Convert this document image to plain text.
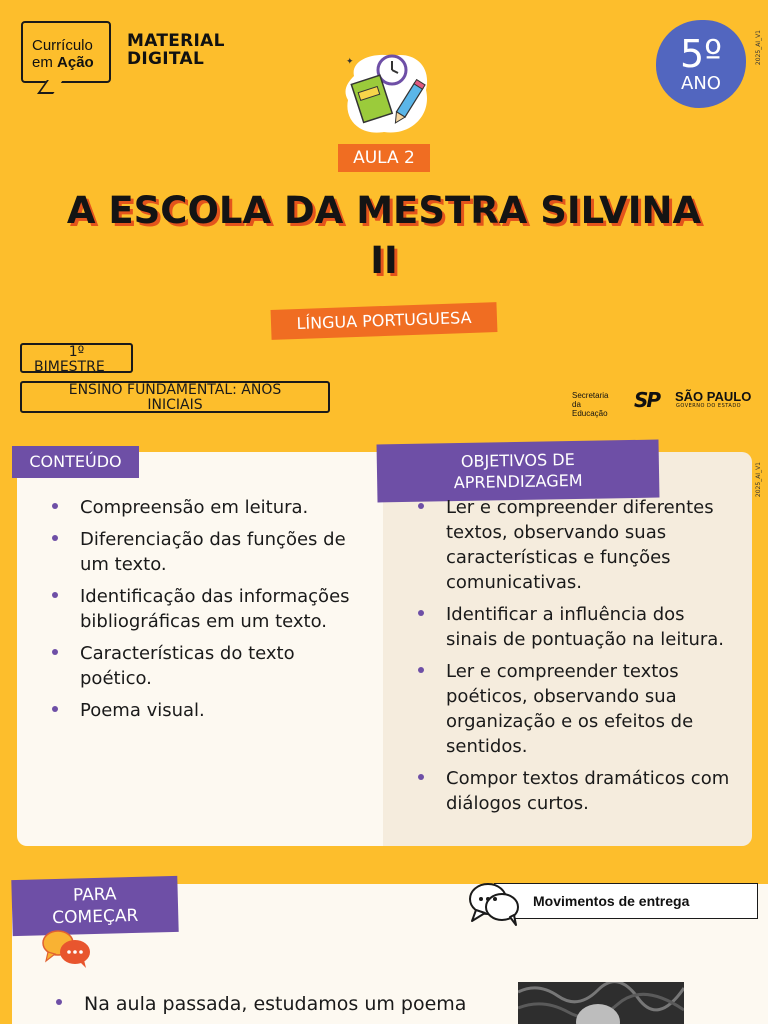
Currículo
em Ação
MATERIAL
DIGITAL	✦	5º
ANO
2025_AI_V1
2025_AI_V1
AULA 2
A ESCOLA DA MESTRA SILVINA
II
LÍNGUA PORTUGUESA
1º
BIMESTRE
ENSINO FUNDAMENTAL: ANOS
INICIAIS
Secretaria da
Educação
SP SÃO PAULO
GOVERNO DO ESTADO
CONTEÚDO	OBJETIVOS DE
APRENDIZAGEM
Compreensão em leitura.
Diferenciação das funções de um texto.
Identificação das informações bibliográficas em um texto.
Características do texto poético.
Poema visual.
Ler e compreender diferentes textos, observando suas características e funções comunicativas.
Identificar a influência dos sinais de pontuação na leitura.
Ler e compreender textos poéticos, observando sua organização e os efeitos de sentidos.
Compor textos dramáticos com diálogos curtos.
PARA
COMEÇAR
Movimentos de entrega
Na aula passada, estudamos um poema
